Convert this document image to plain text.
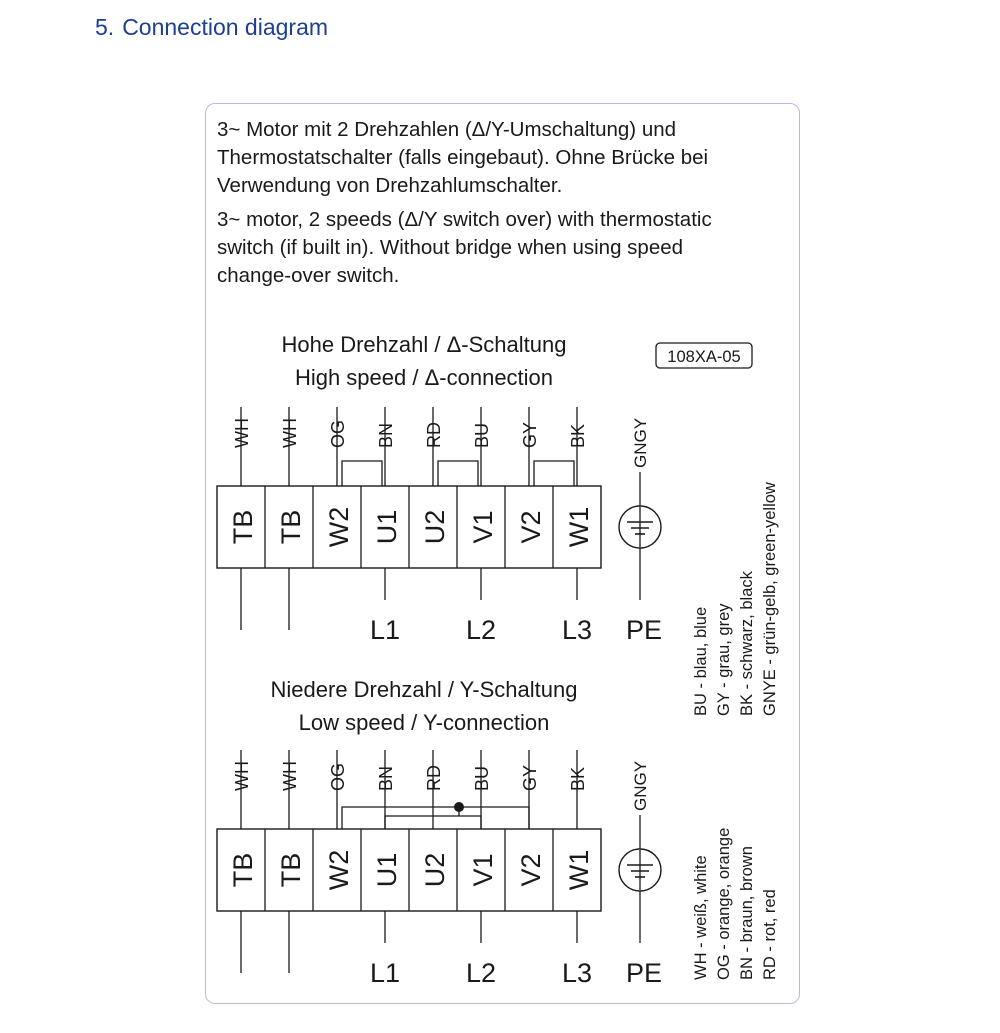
5. Connection diagram
3~ Motor mit 2 Drehzahlen (Δ/Y-Umschaltung) und
Thermostatschalter (falls eingebaut). Ohne Brücke bei
Verwendung von Drehzahlumschalter.
3~ motor, 2 speeds (Δ/Y switch over) with thermostatic
switch (if built in). Without bridge when using speed
change-over switch.
108XA-05
Hohe Drehzahl / Δ-Schaltung
High speed / Δ-connection
Niedere Drehzahl / Y-Schaltung
Low speed / Y-connection
WH WH OG BN RD BU GY BK
TB TB W2 U1 U2 V1 V2 W1
L1 L2 L3
GNGY
PE
WH WH OG BN RD BU GY BK
TB TB W2 U1 U2 V1 V2 W1
L1 L2 L3
GNGY
PE
BU - blau, blue GY - grau, grey BK - schwarz, black GNYE - grün-gelb, green-yellow
WH - weiß, white OG - orange, orange BN - braun, brown RD - rot, red
